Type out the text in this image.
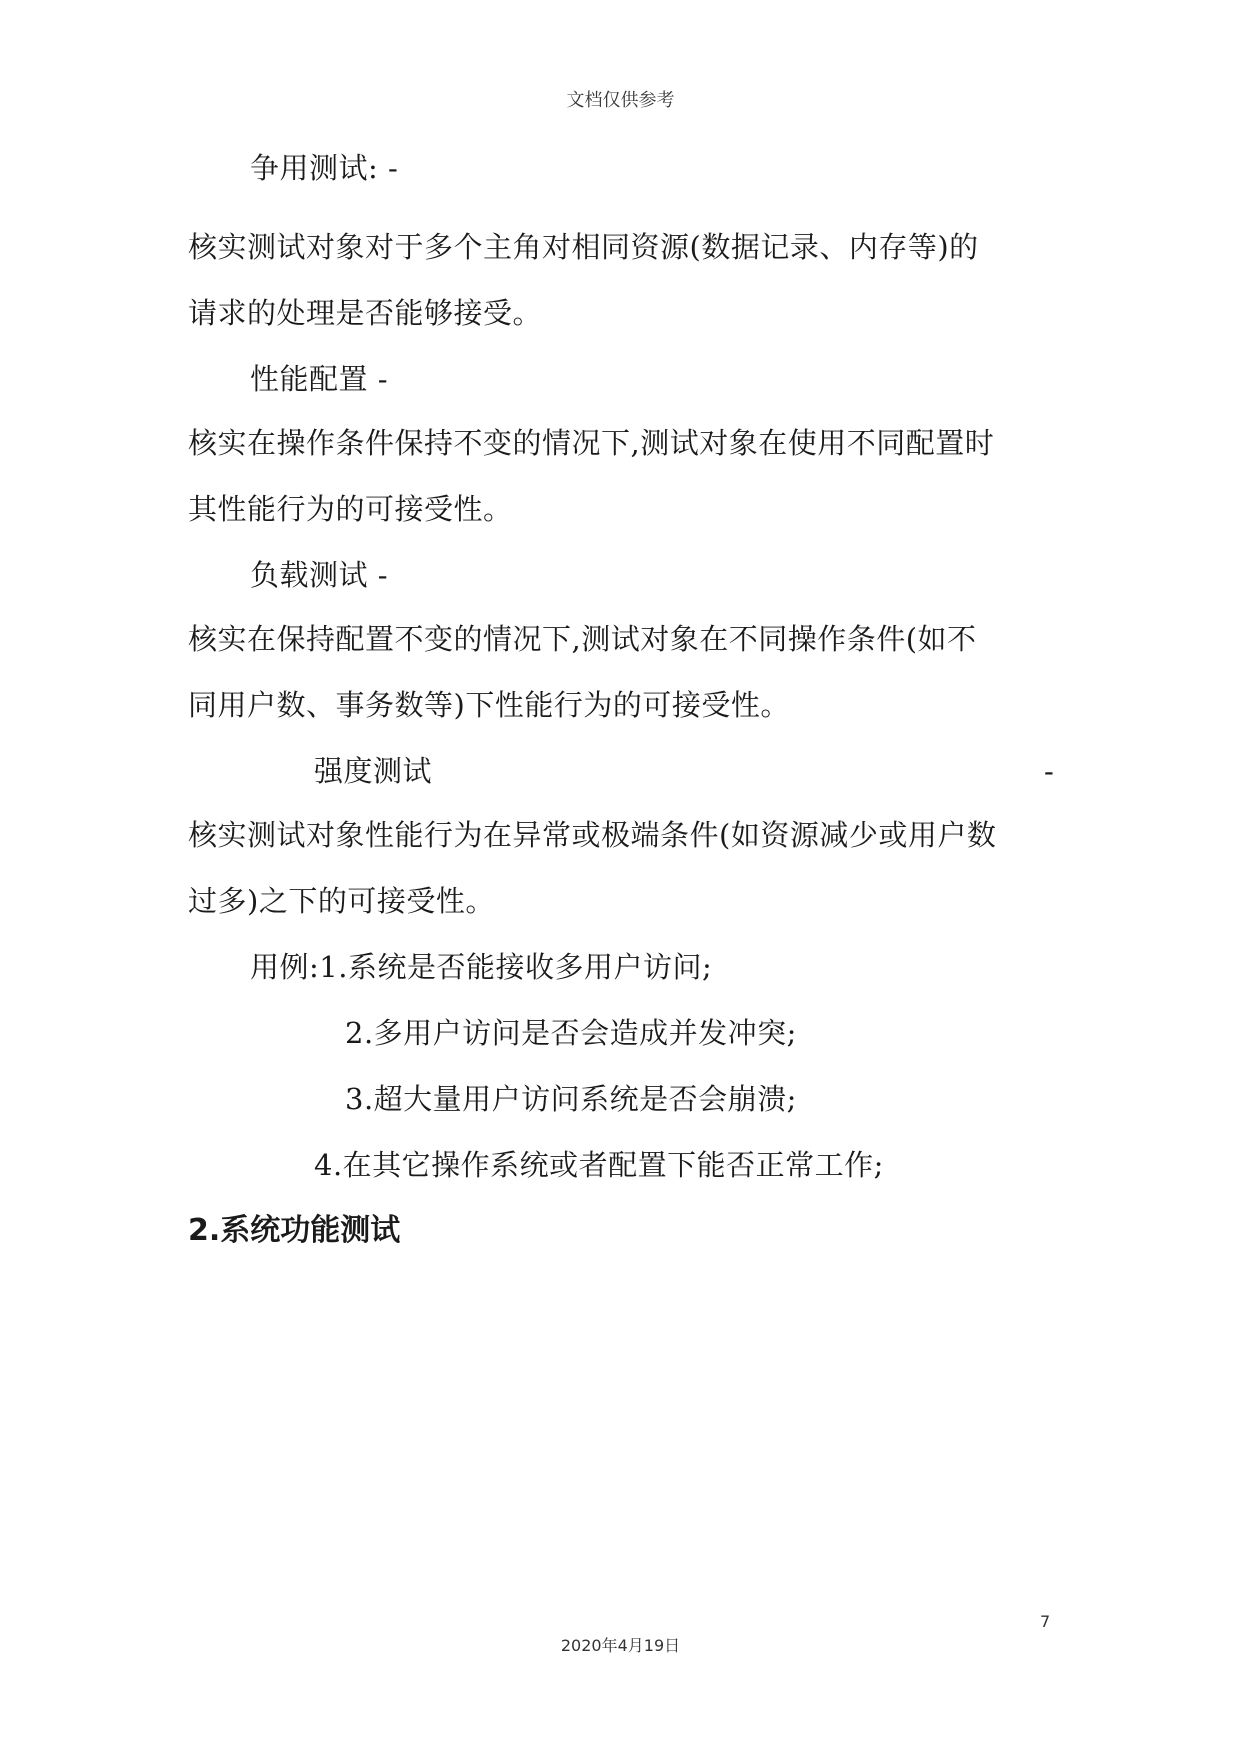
文档仅供参考
争用测试: -
核实测试对象对于多个主角对相同资源(数据记录、内存等)的
请求的处理是否能够接受。
性能配置 -
核实在操作条件保持不变的情况下,测试对象在使用不同配置时
其性能行为的可接受性。
负载测试 -
核实在保持配置不变的情况下,测试对象在不同操作条件(如不
同用户数、事务数等)下性能行为的可接受性。
强度测试	-
核实测试对象性能行为在异常或极端条件(如资源减少或用户数
过多)之下的可接受性。
用例:1.系统是否能接收多用户访问;
2.多用户访问是否会造成并发冲突;
3.超大量用户访问系统是否会崩溃;
4.在其它操作系统或者配置下能否正常工作;
2.系统功能测试
7
2020年4月19日
